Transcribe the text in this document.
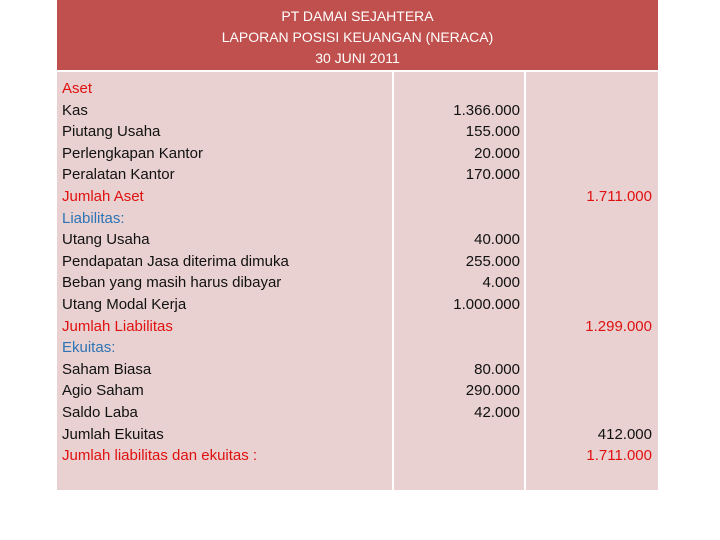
PT DAMAI SEJAHTERA
LAPORAN POSISI KEUANGAN (NERACA)
30 JUNI 2011
Aset
Kas
Piutang Usaha
Perlengkapan Kantor
Peralatan Kantor
Jumlah Aset
Liabilitas:
Utang Usaha
Pendapatan Jasa diterima dimuka
Beban yang masih harus dibayar
Utang Modal Kerja
Jumlah Liabilitas
Ekuitas:
Saham Biasa
Agio Saham
Saldo Laba
Jumlah Ekuitas
Jumlah liabilitas dan ekuitas :
1.366.000
155.000
20.000
170.000
40.000
255.000
4.000
1.000.000
80.000
290.000
42.000
1.711.000
1.299.000
412.000
1.711.000
